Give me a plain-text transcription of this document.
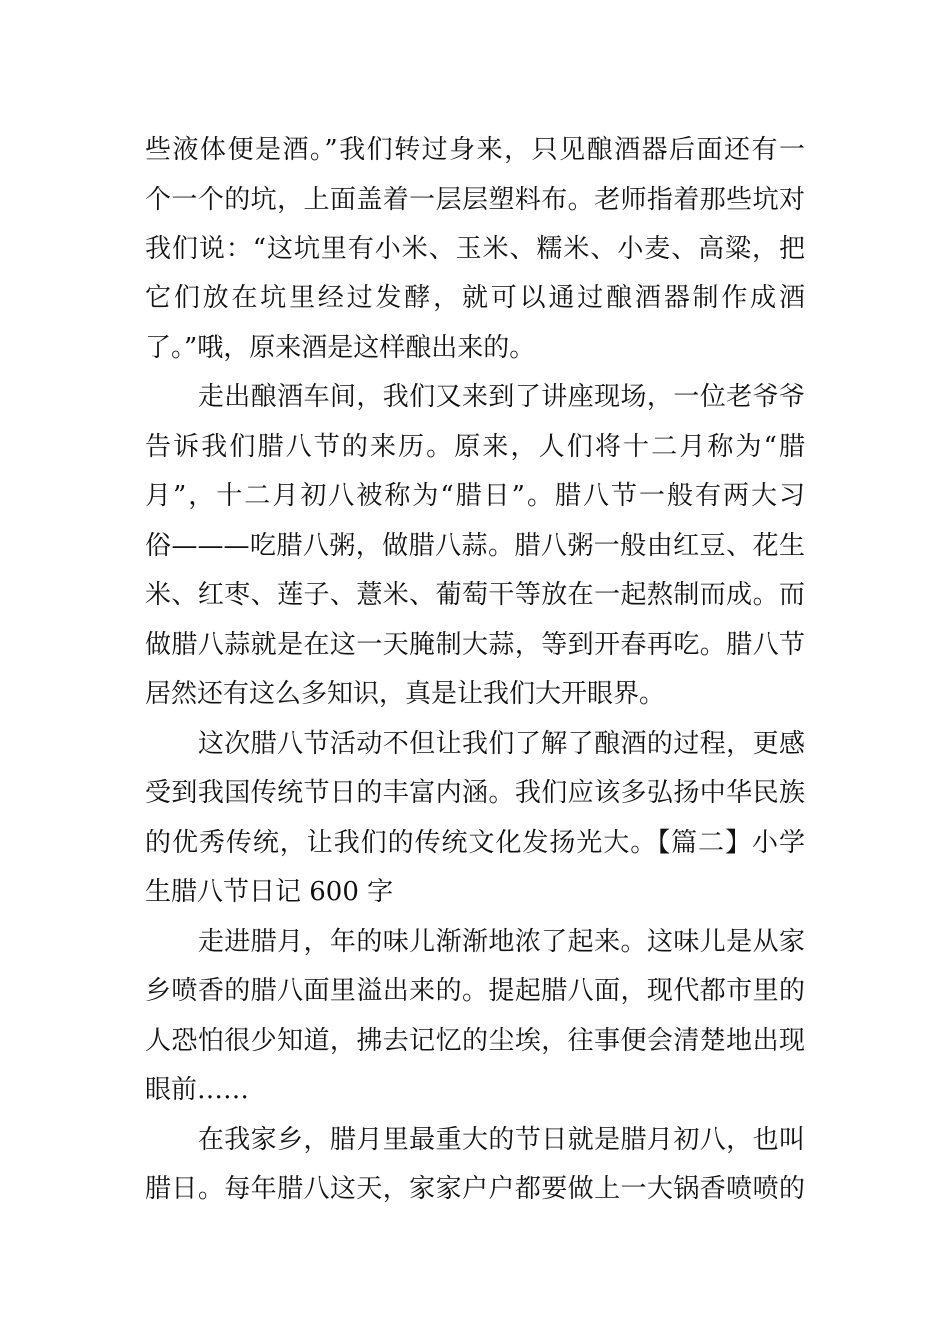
些液体便是酒。”我们转过身来，只见酿酒器后面还有一
个一个的坑，上面盖着一层层塑料布。老师指着那些坑对
我们说：“这坑里有小米、玉米、糯米、小麦、高粱，把
它们放在坑里经过发酵，就可以通过酿酒器制作成酒
了。”哦，原来酒是这样酿出来的。
　　走出酿酒车间，我们又来到了讲座现场，一位老爷爷
告诉我们腊八节的来历。原来，人们将十二月称为“腊
月”，十二月初八被称为“腊日”。腊八节一般有两大习
俗———吃腊八粥，做腊八蒜。腊八粥一般由红豆、花生
米、红枣、莲子、薏米、葡萄干等放在一起熬制而成。而
做腊八蒜就是在这一天腌制大蒜，等到开春再吃。腊八节
居然还有这么多知识，真是让我们大开眼界。
　　这次腊八节活动不但让我们了解了酿酒的过程，更感
受到我国传统节日的丰富内涵。我们应该多弘扬中华民族
的优秀传统，让我们的传统文化发扬光大。【篇二】小学
生腊八节日记 600 字
　　走进腊月，年的味儿渐渐地浓了起来。这味儿是从家
乡喷香的腊八面里溢出来的。提起腊八面，现代都市里的
人恐怕很少知道，拂去记忆的尘埃，往事便会清楚地出现
眼前……
　　在我家乡，腊月里最重大的节日就是腊月初八，也叫
腊日。每年腊八这天，家家户户都要做上一大锅香喷喷的
